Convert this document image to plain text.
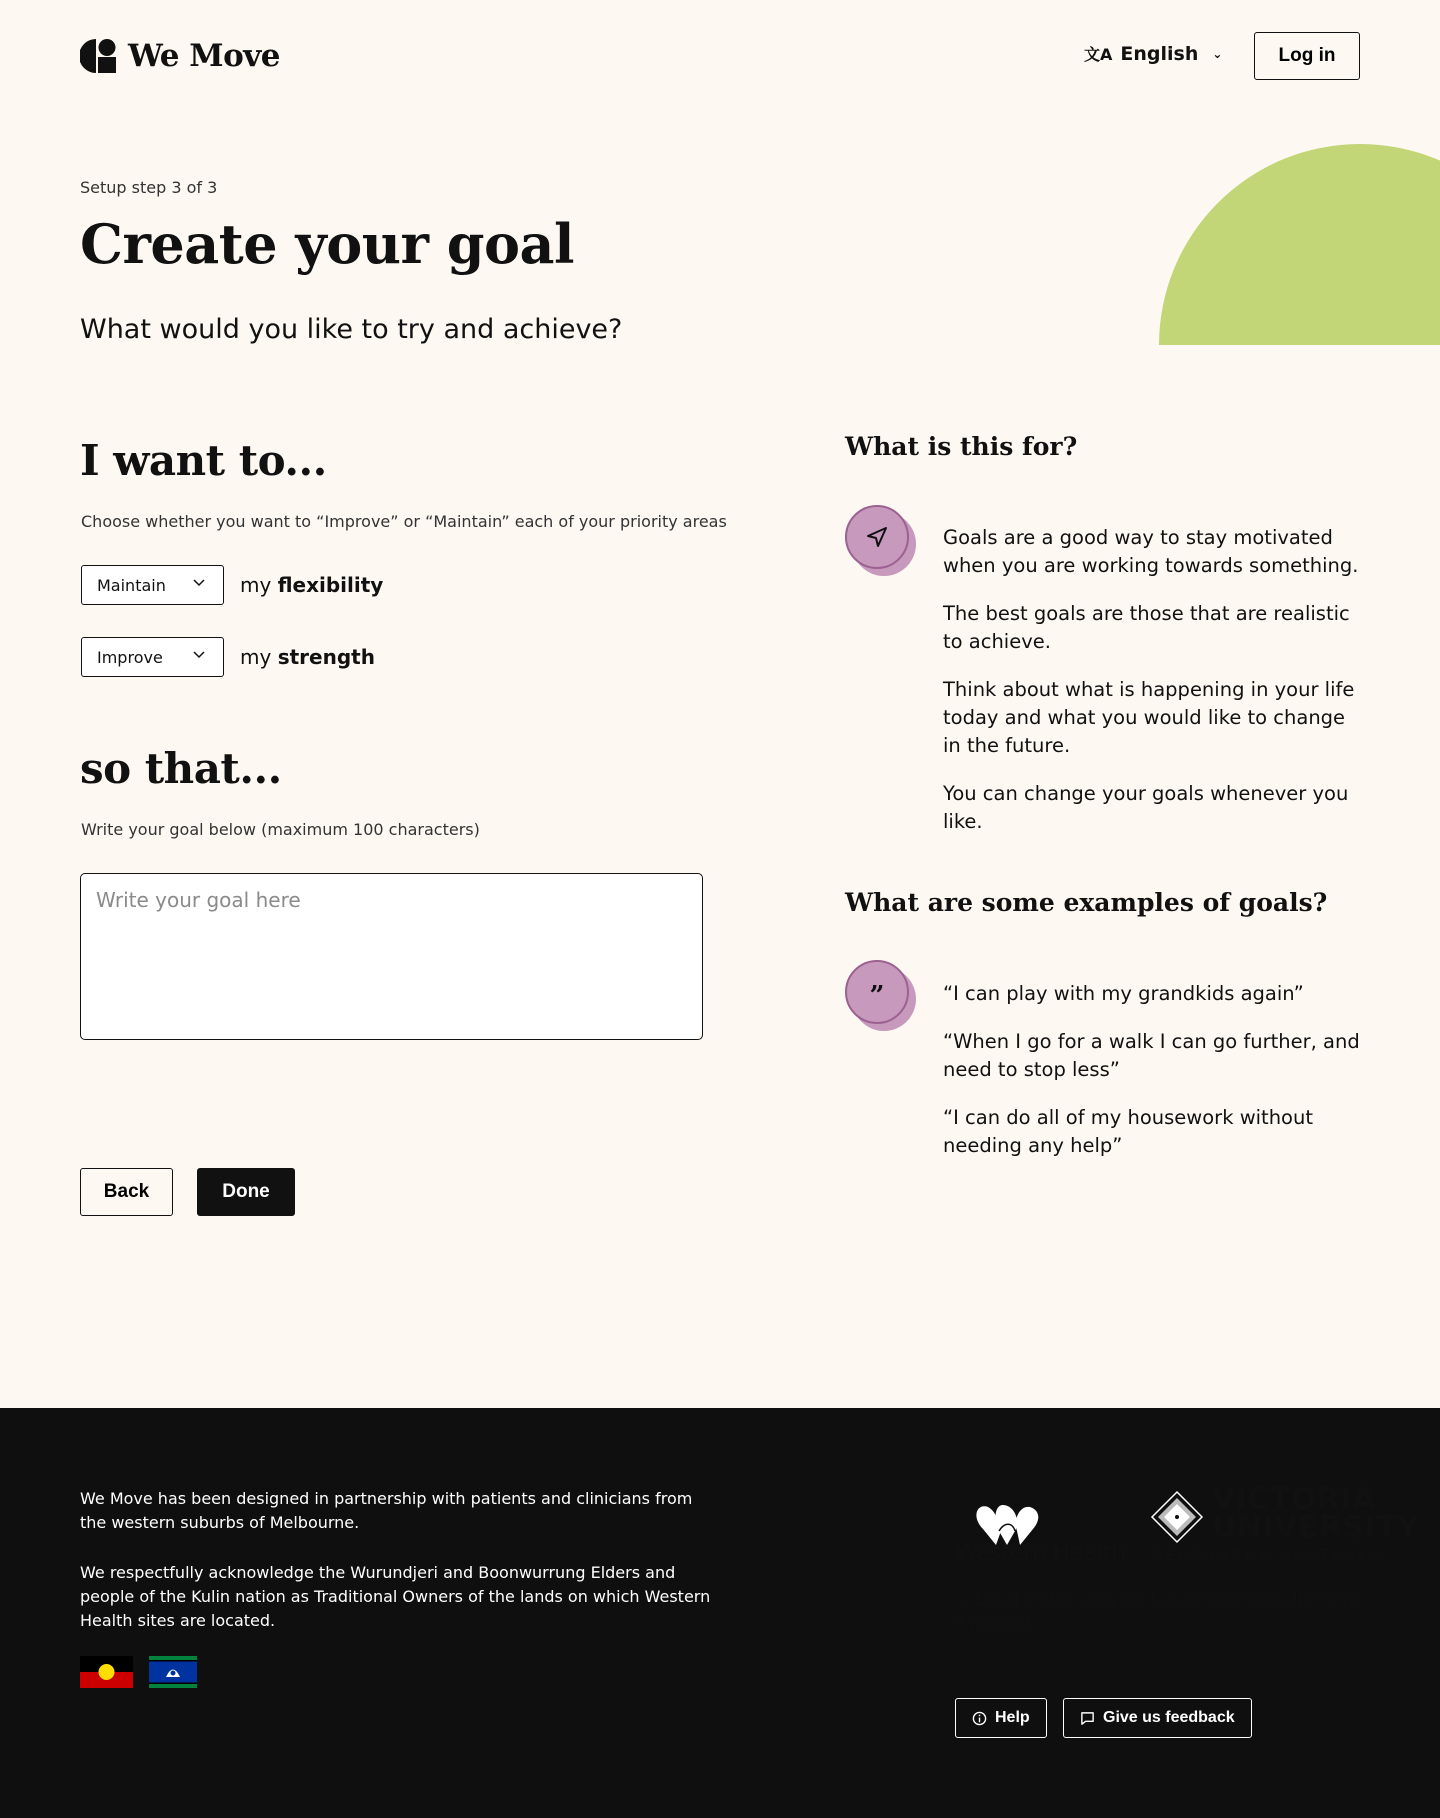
We Move	文A English ⌄	Log in
Setup step 3 of 3
Create your goal
What would you like to try and achieve?
I want to...
Choose whether you want to “Improve” or “Maintain” each of your priority areas
Maintain	my flexibility
Improve	my strength
so that...
Write your goal below (maximum 100 characters)
Write your goal here
Back	Done
What is this for?

Goals are a good way to stay motivated when you are working towards something.

The best goals are those that are realistic to achieve.

Think about what is happening in your life today and what you would like to change in the future.

You can change your goals whenever you like.

What are some examples of goals?
”	“I can play with my grandkids again”

“When I go for a walk I can go further, and need to stop less”

“I can do all of my housework without needing any help”

We Move has been designed in partnership with patients and clinicians from the western suburbs of Melbourne.

We respectfully acknowledge the Wurundjeri and Boonwurrung Elders and people of the Kulin nation as Traditional Owners of the lands on which Western Health sites are located.

Western Health
VICTORIA
UNIVERSITY
MELBOURNE AUSTRALIA

© Legal and/or copyright statement included here if needed.

Help	Give us feedback
